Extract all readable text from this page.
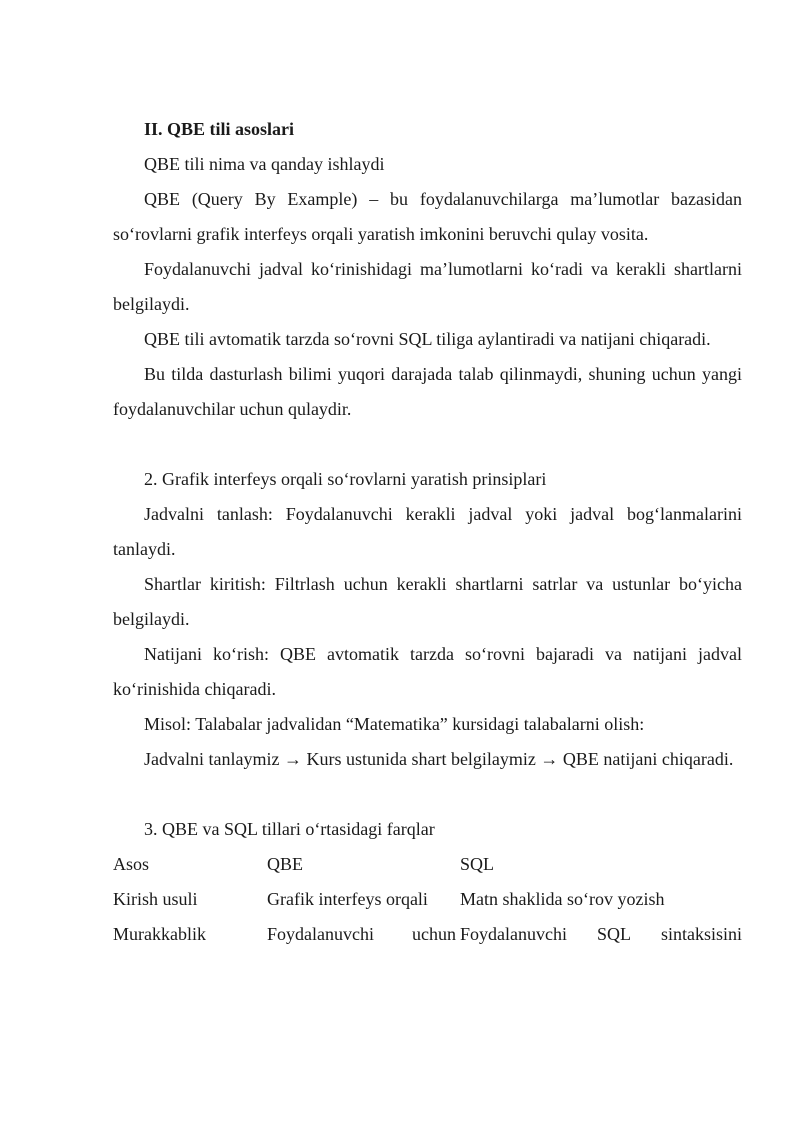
II. QBE tili asoslari

QBE tili nima va qanday ishlaydi

QBE (Query By Example) – bu foydalanuvchilarga ma’lumotlar bazasidan so‘rovlarni grafik interfeys orqali yaratish imkonini beruvchi qulay vosita.

Foydalanuvchi jadval ko‘rinishidagi ma’lumotlarni ko‘radi va kerakli shartlarni belgilaydi.

QBE tili avtomatik tarzda so‘rovni SQL tiliga aylantiradi va natijani chiqaradi.

Bu tilda dasturlash bilimi yuqori darajada talab qilinmaydi, shuning uchun yangi foydalanuvchilar uchun qulaydir.

2. Grafik interfeys orqali so‘rovlarni yaratish prinsiplari

Jadvalni tanlash: Foydalanuvchi kerakli jadval yoki jadval bog‘lanmalarini tanlaydi.

Shartlar kiritish: Filtrlash uchun kerakli shartlarni satrlar va ustunlar bo‘yicha belgilaydi.

Natijani ko‘rish: QBE avtomatik tarzda so‘rovni bajaradi va natijani jadval ko‘rinishida chiqaradi.

Misol: Talabalar jadvalidan “Matematika” kursidagi talabalarni olish:

Jadvalni tanlaymiz → Kurs ustunida shart belgilaymiz → QBE natijani chiqaradi.

3. QBE va SQL tillari o‘rtasidagi farqlar

Asos	QBE	SQL
Kirish usuli	Grafik interfeys orqali	Matn shaklida so‘rov yozish
Murakkablik	Foydalanuvchi uchun	Foydalanuvchi SQL sintaksisini
